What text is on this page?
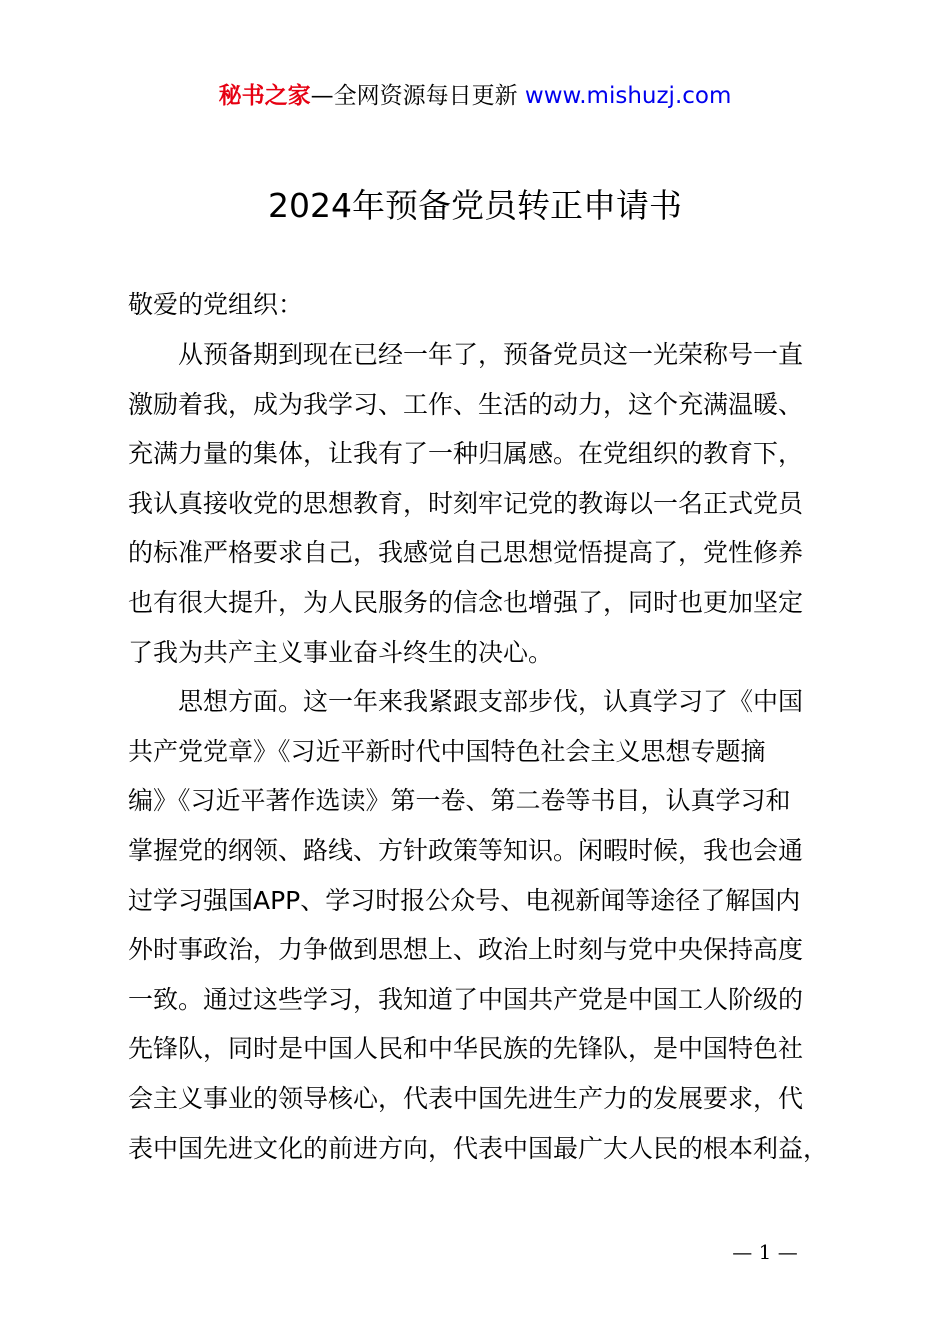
秘书之家—全网资源每日更新 www.mishuzj.com
2024年预备党员转正申请书

敬爱的党组织：

从预备期到现在已经一年了，预备党员这一光荣称号一直
激励着我，成为我学习、工作、生活的动力，这个充满温暖、
充满力量的集体，让我有了一种归属感。在党组织的教育下，
我认真接收党的思想教育，时刻牢记党的教诲以一名正式党员
的标准严格要求自己，我感觉自己思想觉悟提高了，党性修养
也有很大提升，为人民服务的信念也增强了，同时也更加坚定
了我为共产主义事业奋斗终生的决心。

思想方面。这一年来我紧跟支部步伐，认真学习了《中国
共产党党章》《习近平新时代中国特色社会主义思想专题摘
编》《习近平著作选读》第一卷、第二卷等书目，认真学习和
掌握党的纲领、路线、方针政策等知识。闲暇时候，我也会通
过学习强国APP、学习时报公众号、电视新闻等途径了解国内
外时事政治，力争做到思想上、政治上时刻与党中央保持高度
一致。通过这些学习，我知道了中国共产党是中国工人阶级的
先锋队，同时是中国人民和中华民族的先锋队，是中国特色社
会主义事业的领导核心，代表中国先进生产力的发展要求，代
表中国先进文化的前进方向，代表中国最广大人民的根本利益，

— 1 —
